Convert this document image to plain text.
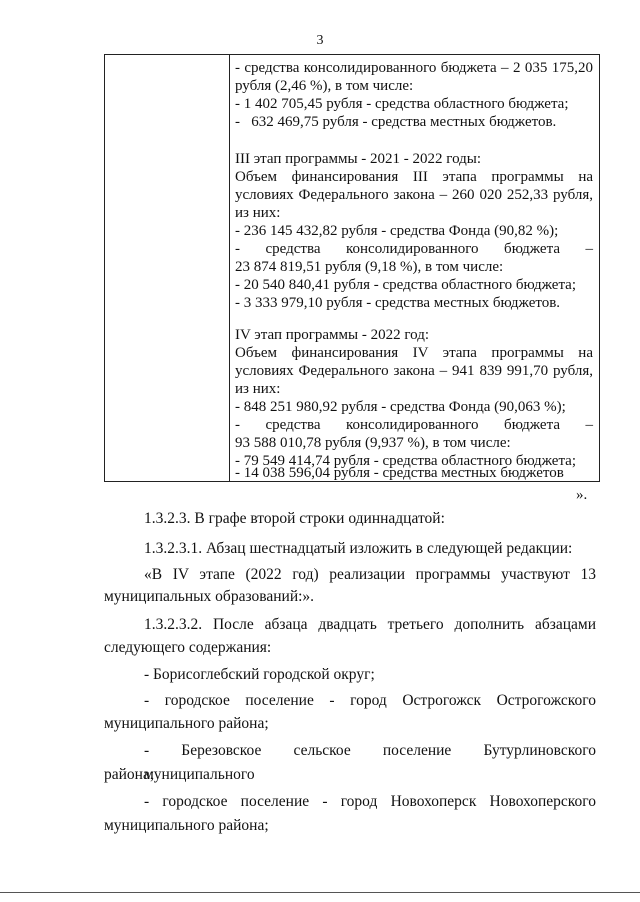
3
- средства консолидированного бюджета – 2 035 175,20
рубля (2,46 %), в том числе:
- 1 402 705,45 рубля - средства областного бюджета;
-   632 469,75 рубля - средства местных бюджетов.
III этап программы - 2021 - 2022 годы:
Объем финансирования III этапа программы на
условиях Федерального закона – 260 020 252,33 рубля,
из них:
- 236 145 432,82 рубля - средства Фонда (90,82 %);
- средства консолидированного бюджета –
23 874 819,51 рубля (9,18 %), в том числе:
- 20 540 840,41 рубля - средства областного бюджета;
- 3 333 979,10 рубля - средства местных бюджетов.
IV этап программы - 2022 год:
Объем финансирования IV этапа программы на
условиях Федерального закона – 941 839 991,70 рубля,
из них:
- 848 251 980,92 рубля - средства Фонда (90,063 %);
- средства консолидированного бюджета –
93 588 010,78 рубля (9,937 %), в том числе:
- 79 549 414,74 рубля - средства областного бюджета;
- 14 038 596,04 рубля - средства местных бюджетов
».
1.3.2.3. В графе второй строки одиннадцатой:
1.3.2.3.1. Абзац шестнадцатый изложить в следующей редакции:
«В IV этапе (2022 год) реализации программы участвуют 13
муниципальных образований:».
1.3.2.3.2. После абзаца двадцать третьего дополнить абзацами
следующего содержания:
- Борисоглебский городской округ;
- городское поселение - город Острогожск Острогожского
муниципального района;
- Березовское сельское поселение Бутурлиновского муниципального
района;
- городское поселение - город Новохоперск Новохоперского
муниципального района;
